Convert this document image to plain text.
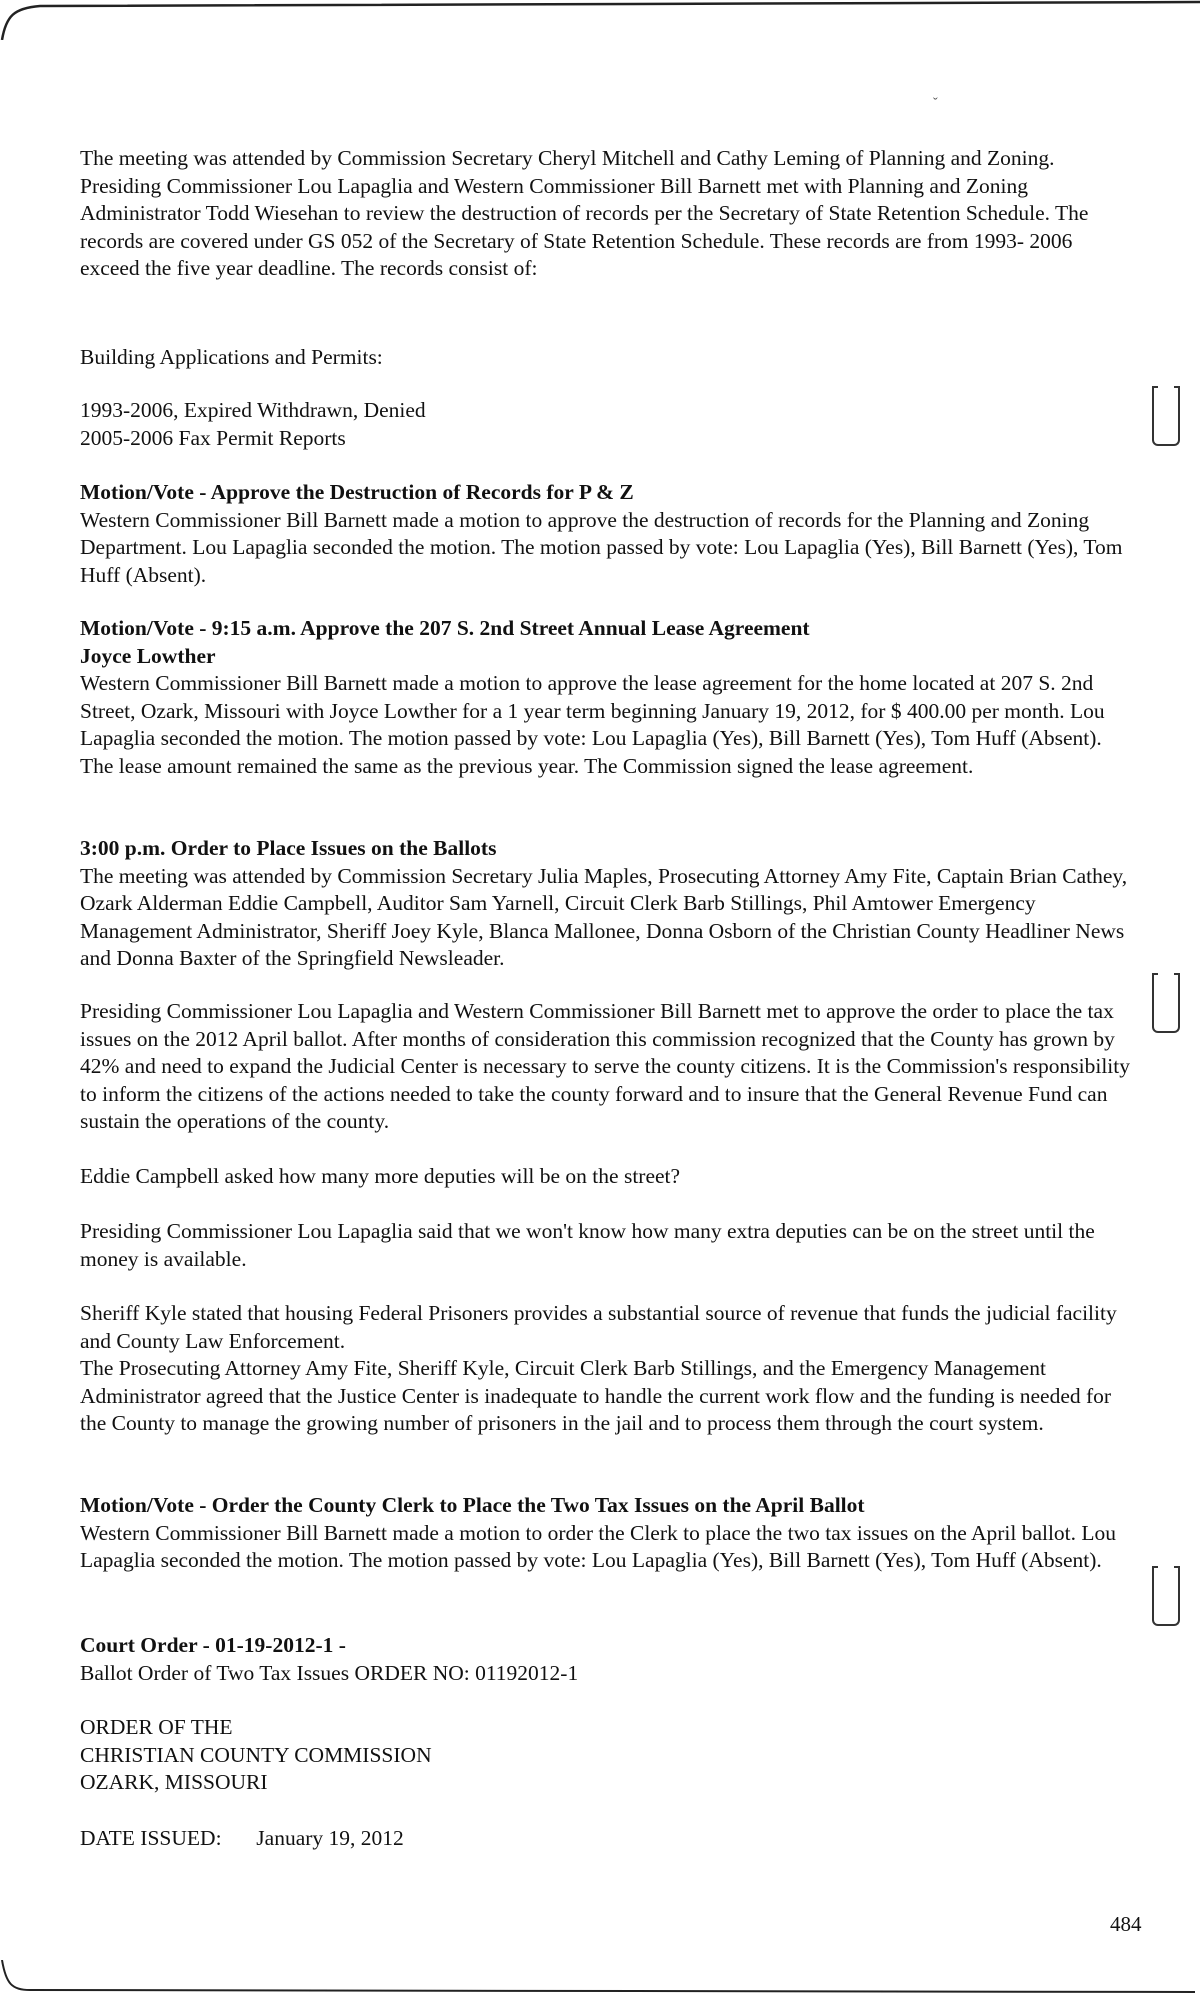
ˇ

The meeting was attended by Commission Secretary Cheryl Mitchell and Cathy Leming of Planning and Zoning.

Presiding Commissioner Lou Lapaglia and Western Commissioner Bill Barnett met with Planning and Zoning Administrator Todd Wiesehan to review the destruction of records per the Secretary of State Retention Schedule. The records are covered under GS 052 of the Secretary of State Retention Schedule. These records are from 1993- 2006 exceed the five year deadline. The records consist of:

Building Applications and Permits:

1993-2006, Expired Withdrawn, Denied

2005-2006 Fax Permit Reports

Motion/Vote - Approve the Destruction of Records for P & Z

Western Commissioner Bill Barnett made a motion to approve the destruction of records for the Planning and Zoning Department. Lou Lapaglia seconded the motion. The motion passed by vote: Lou Lapaglia (Yes), Bill Barnett (Yes), Tom Huff (Absent).

Motion/Vote - 9:15 a.m. Approve the 207 S. 2nd Street Annual Lease Agreement

Joyce Lowther

Western Commissioner Bill Barnett made a motion to approve the lease agreement for the home located at 207 S. 2nd Street, Ozark, Missouri with Joyce Lowther for a 1 year term beginning January 19, 2012, for $ 400.00 per month. Lou Lapaglia seconded the motion. The motion passed by vote: Lou Lapaglia (Yes), Bill Barnett (Yes), Tom Huff (Absent). The lease amount remained the same as the previous year. The Commission signed the lease agreement.

3:00 p.m. Order to Place Issues on the Ballots

The meeting was attended by Commission Secretary Julia Maples, Prosecuting Attorney Amy Fite, Captain Brian Cathey, Ozark Alderman Eddie Campbell, Auditor Sam Yarnell, Circuit Clerk Barb Stillings, Phil Amtower Emergency Management Administrator, Sheriff Joey Kyle, Blanca Mallonee, Donna Osborn of the Christian County Headliner News and Donna Baxter of the Springfield Newsleader.

Presiding Commissioner Lou Lapaglia and Western Commissioner Bill Barnett met to approve the order to place the tax issues on the 2012 April ballot. After months of consideration this commission recognized that the County has grown by 42% and need to expand the Judicial Center is necessary to serve the county citizens. It is the Commission's responsibility to inform the citizens of the actions needed to take the county forward and to insure that the General Revenue Fund can sustain the operations of the county.

Eddie Campbell asked how many more deputies will be on the street?

Presiding Commissioner Lou Lapaglia said that we won't know how many extra deputies can be on the street until the money is available.

Sheriff Kyle stated that housing Federal Prisoners provides a substantial source of revenue that funds the judicial facility and County Law Enforcement.

The Prosecuting Attorney Amy Fite, Sheriff Kyle, Circuit Clerk Barb Stillings, and the Emergency Management Administrator agreed that the Justice Center is inadequate to handle the current work flow and the funding is needed for the County to manage the growing number of prisoners in the jail and to process them through the court system.

Motion/Vote - Order the County Clerk to Place the Two Tax Issues on the April Ballot

Western Commissioner Bill Barnett made a motion to order the Clerk to place the two tax issues on the April ballot. Lou Lapaglia seconded the motion. The motion passed by vote: Lou Lapaglia (Yes), Bill Barnett (Yes), Tom Huff (Absent).

Court Order - 01-19-2012-1 -

Ballot Order of Two Tax Issues ORDER NO: 01192012-1

ORDER OF THE

CHRISTIAN COUNTY COMMISSION

OZARK, MISSOURI

DATE ISSUED: January 19, 2012

484
